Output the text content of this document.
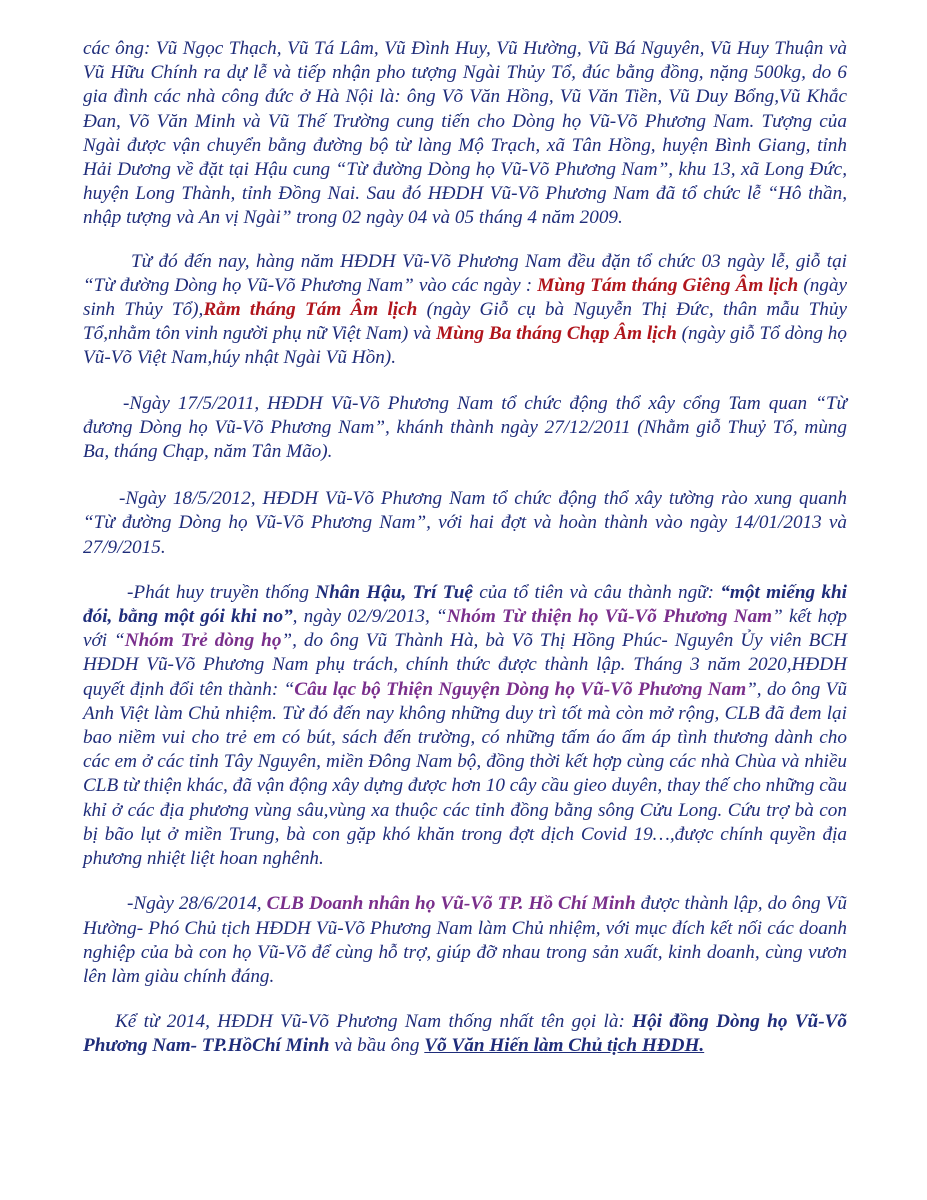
các ông: Vũ Ngọc Thạch, Vũ Tá Lâm, Vũ Đình Huy, Vũ Hường, Vũ Bá Nguyên, Vũ Huy Thuận và Vũ Hữu Chính ra dự lễ và tiếp nhận pho tượng Ngài Thủy Tổ, đúc bằng đồng, nặng 500kg, do 6 gia đình các nhà công đức ở Hà Nội là: ông Võ Văn Hồng, Vũ Văn Tiền, Vũ Duy Bổng,Vũ Khắc Đan, Võ Văn Minh và Vũ Thế Trường cung tiến cho Dòng họ Vũ-Võ Phương Nam. Tượng của Ngài được vận chuyển bằng đường bộ từ làng Mộ Trạch, xã Tân Hồng, huyện Bình Giang, tỉnh Hải Dương về đặt tại Hậu cung “Từ đường Dòng họ Vũ-Võ Phương Nam”, khu 13, xã Long Đức, huyện Long Thành, tỉnh Đồng Nai. Sau đó HĐDH Vũ-Võ Phương Nam đã tổ chức lễ “Hô thần, nhập tượng và An vị Ngài” trong 02 ngày 04 và 05 tháng 4 năm 2009.

Từ đó đến nay, hàng năm HĐDH Vũ-Võ Phương Nam đều đặn tổ chức 03 ngày lễ, giỗ tại “Từ đường Dòng họ Vũ-Võ Phương Nam” vào các ngày : Mùng Tám tháng Giêng Âm lịch (ngày sinh Thủy Tổ),Rằm tháng Tám Âm lịch (ngày Giỗ cụ bà Nguyễn Thị Đức, thân mẫu Thủy Tổ,nhằm tôn vinh người phụ nữ Việt Nam) và Mùng Ba tháng Chạp Âm lịch (ngày giỗ Tổ dòng họ Vũ-Võ Việt Nam,húy nhật Ngài Vũ Hồn).

-Ngày 17/5/2011, HĐDH Vũ-Võ Phương Nam tổ chức động thổ xây cổng Tam quan “Từ đương Dòng họ Vũ-Võ Phương Nam”, khánh thành ngày 27/12/2011 (Nhằm giỗ Thuỷ Tổ, mùng Ba, tháng Chạp, năm Tân Mão).

-Ngày 18/5/2012, HĐDH Vũ-Võ Phương Nam tổ chức động thổ xây tường rào xung quanh “Từ đường Dòng họ Vũ-Võ Phương Nam”, với hai đợt và hoàn thành vào ngày 14/01/2013 và 27/9/2015.

-Phát huy truyền thống Nhân Hậu, Trí Tuệ của tổ tiên và câu thành ngữ: “một miếng khi đói, bằng một gói khi no”, ngày 02/9/2013, “Nhóm Từ thiện họ Vũ-Võ Phương Nam” kết hợp với “Nhóm Trẻ dòng họ”, do ông Vũ Thành Hà, bà Võ Thị Hồng Phúc- Nguyên Ủy viên BCH HĐDH Vũ-Võ Phương Nam phụ trách, chính thức được thành lập. Tháng 3 năm 2020,HĐDH quyết định đổi tên thành: “Câu lạc bộ Thiện Nguyện Dòng họ Vũ-Võ Phương Nam”, do ông Vũ Anh Việt làm Chủ nhiệm. Từ đó đến nay không những duy trì tốt mà còn mở rộng, CLB đã đem lại bao niềm vui cho trẻ em có bút, sách đến trường, có những tấm áo ấm áp tình thương dành cho các em ở các tỉnh Tây Nguyên, miền Đông Nam bộ, đồng thời kết hợp cùng các nhà Chùa và nhiều CLB từ thiện khác, đã vận động xây dựng được hơn 10 cây cầu gieo duyên, thay thế cho những cầu khỉ ở các địa phương vùng sâu,vùng xa thuộc các tỉnh đồng bằng sông Cửu Long. Cứu trợ bà con bị bão lụt ở miền Trung, bà con gặp khó khăn trong đợt dịch Covid 19…,được chính quyền địa phương nhiệt liệt hoan nghênh.

-Ngày 28/6/2014, CLB Doanh nhân họ Vũ-Võ TP. Hồ Chí Minh được thành lập, do ông Vũ Hường- Phó Chủ tịch HĐDH Vũ-Võ Phương Nam làm Chủ nhiệm, với mục đích kết nối các doanh nghiệp của bà con họ Vũ-Võ để cùng hỗ trợ, giúp đỡ nhau trong sản xuất, kinh doanh, cùng vươn lên làm giàu chính đáng.

Kể từ 2014, HĐDH Vũ-Võ Phương Nam thống nhất tên gọi là: Hội đồng Dòng họ Vũ-Võ Phương Nam- TP.HồChí Minh và bầu ông Võ Văn Hiến làm Chủ tịch HĐDH.
